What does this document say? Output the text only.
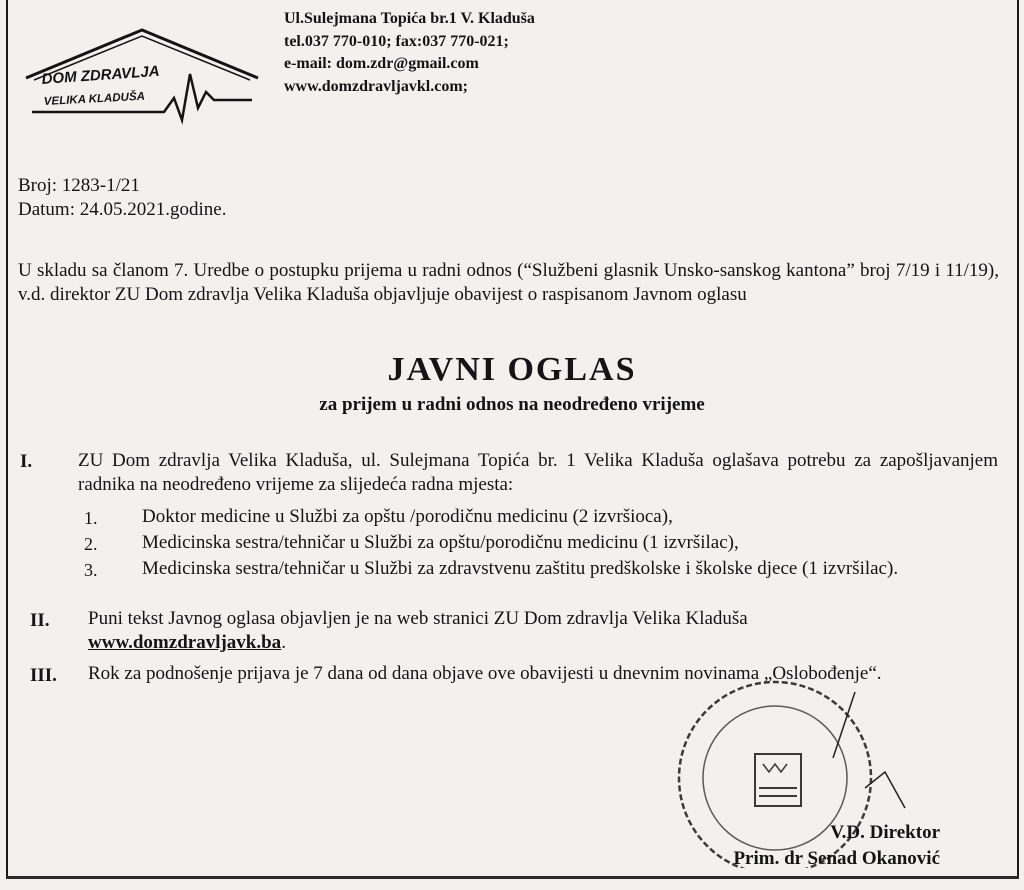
DOM ZDRAVLJA
VELIKA KLADUŠA
Ul.Sulejmana Topića br.1 V. Kladuša
tel.037 770-010; fax:037 770-021;
e-mail: dom.zdr@gmail.com
www.domzdravljavkl.com;
Broj: 1283-1/21
Datum: 24.05.2021.godine.
U skladu sa članom 7. Uredbe o postupku prijema u radni odnos (“Službeni glasnik Unsko-sanskog kantona” broj 7/19 i 11/19), v.d. direktor ZU Dom zdravlja Velika Kladuša objavljuje obavijest o raspisanom Javnom oglasu
JAVNI OGLAS
za prijem u radni odnos na neodređeno vrijeme
I. ZU Dom zdravlja Velika Kladuša, ul. Sulejmana Topića br. 1 Velika Kladuša oglašava potrebu za zapošljavanjem radnika na neodređeno vrijeme za slijedeća radna mjesta:
1. Doktor medicine u Službi za opštu /porodičnu medicinu (2 izvršioca),
2. Medicinska sestra/tehničar u Službi za opštu/porodičnu medicinu (1 izvršilac),
3. Medicinska sestra/tehničar u Službi za zdravstvenu zaštitu predškolske i školske djece (1 izvršilac).
II. Puni tekst Javnog oglasa objavljen je na web stranici ZU Dom zdravlja Velika Kladuša
www.domzdravljavk.ba.
III. Rok za podnošenje prijava je 7 dana od dana objave ove obavijesti u dnevnim novinama „Oslobođenje“.
V.D. Direktor
Prim. dr Senad Okanović
